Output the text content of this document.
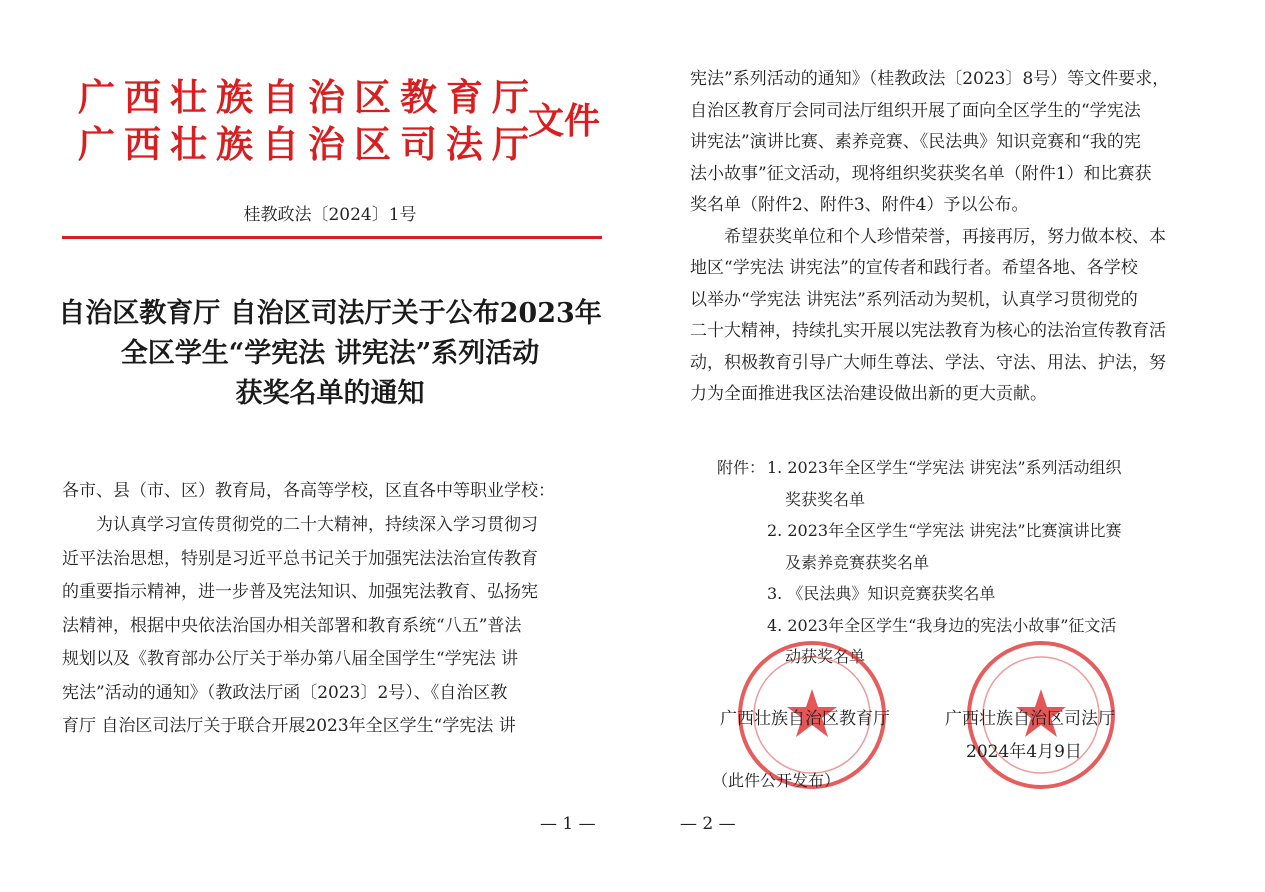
广西壮族自治区教育厅
广西壮族自治区司法厅
文件
桂教政法〔2024〕1号
自治区教育厅 自治区司法厅关于公布2023年
全区学生“学宪法 讲宪法”系列活动
获奖名单的通知
各市、县（市、区）教育局，各高等学校，区直各中等职业学校：
为认真学习宣传贯彻党的二十大精神，持续深入学习贯彻习
近平法治思想，特别是习近平总书记关于加强宪法法治宣传教育
的重要指示精神，进一步普及宪法知识、加强宪法教育、弘扬宪
法精神，根据中央依法治国办相关部署和教育系统“八五”普法
规划以及《教育部办公厅关于举办第八届全国学生“学宪法 讲
宪法”活动的通知》（教政法厅函〔2023〕2号）、《自治区教
育厅 自治区司法厅关于联合开展2023年全区学生“学宪法 讲
— 1 —
宪法”系列活动的通知》（桂教政法〔2023〕8号）等文件要求，
自治区教育厅会同司法厅组织开展了面向全区学生的“学宪法
讲宪法”演讲比赛、素养竞赛、《民法典》知识竞赛和“我的宪
法小故事”征文活动，现将组织奖获奖名单（附件1）和比赛获
奖名单（附件2、附件3、附件4）予以公布。
希望获奖单位和个人珍惜荣誉，再接再厉，努力做本校、本
地区“学宪法 讲宪法”的宣传者和践行者。希望各地、各学校
以举办“学宪法 讲宪法”系列活动为契机，认真学习贯彻党的
二十大精神，持续扎实开展以宪法教育为核心的法治宣传教育活
动，积极教育引导广大师生尊法、学法、守法、用法、护法，努
力为全面推进我区法治建设做出新的更大贡献。
附件： 1. 2023年全区学生“学宪法 讲宪法”系列活动组织
奖获奖名单
2. 2023年全区学生“学宪法 讲宪法”比赛演讲比赛
及素养竞赛获奖名单
3. 《民法典》知识竞赛获奖名单
4. 2023年全区学生“我身边的宪法小故事”征文活
动获奖名单
广西壮族自治区教育厅	广西壮族自治区司法厅
2024年4月9日
（此件公开发布）
— 2 —
